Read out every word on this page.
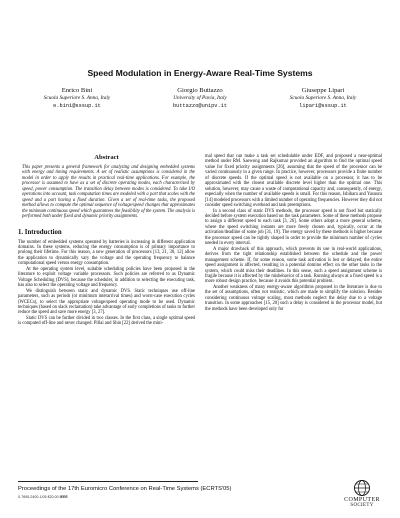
Speed Modulation in Energy-Aware Real-Time Systems
Enrico Bini
Scuola Superiore S. Anna, Italy
e.bini@sssup.it
Giorgio Buttazzo
University of Pavia, Italy
buttazzo@unipv.it
Giuseppe Lipari
Scuola Superiore S. Anna, Italy
lipari@sssup.it
Abstract

This paper presents a general framework for analyzing and designing embedded systems with energy and timing requirements. A set of realistic assumptions is considered in the model in order to apply the results in practical real-time applications. For example, the processor is assumed to have as a set of discrete operating modes, each characterized by speed, power consumption. The transition delay between modes is considered. To take I/O operations into account, task computation times are modeled with a part that scales with the speed and a part having a fixed duration. Given a set of real-time tasks, the proposed method allows to compute the optimal sequence of voltage/speed changes that approximates the minimum continuous speed which guarantees the feasibility of the system. The analysis is performed both under fixed and dynamic priority assignments.

1. Introduction

The number of embedded systems operated by batteries is increasing in different application domains. In these systems, reducing the energy consumption is of primary importance to prolong their lifetime. For this reason, a new generation of processors [13, 21, 30, 12] allow the application to dynamically vary the voltage and the operating frequency to balance computational speed versus energy consumption.

At the operating system level, suitable scheduling policies have been proposed in the literature to exploit voltage variable processors. Such policies are referred to as Dynamic Voltage Scheduling (DVS), because the scheduler, in addition to selecting the executing task, has also to select the operating voltage and frequency.

We distinguish between static and dynamic DVS. Static techniques use off-line parameters, such as periods (or minimum interarrival times) and worst-case execution cycles (WCECs), to select the appropriate voltage/speed operating mode to be used. Dynamic techniques (based on slack reclamation) take advantage of early completions of tasks to further reduce the speed and save more energy [3, 27].

Static DVS can be further divided in two classes. In the first class, a single optimal speed is computed off-line and never changed. Pillai and Shin [22] derived the mini-

mal speed that can make a task set schedulable under EDF, and proposed a near-optimal method under RM. Saewong and Rajkumar provided an algorithm to find the optimal speed value for fixed priority assignments [26], assuming that the speed of the processor can be varied continuously in a given range. In practice, however, processors provide a finite number of discrete speeds. If the optimal speed is not available on a processor, it has to be approximated with the closest available discrete level higher than the optimal one. This solution, however, may cause a waste of computational capacity and, consequently, of energy, especially when the number of available speeds is small. For this reason, Ishihara and Yasuura [14] modeled processors with a limited number of operating frequencies. However they did not consider speed switching overhead and task preemptions.

In a second class of static DVS methods, the processor speed is not fixed but statically decided before system execution based on the task parameters. Some of these methods propose to assign a different speed to each task [3, 26]. Some others adopt a more general scheme, where the speed switching instants are more freely chosen and, typically, occur at the activation/deadline of some job [31, 19]. The energy saved by these methods is higher because the processor speed can be tightly shaped in order to provide the minimum number of cycles needed in every interval.

A major drawback of this approach, which prevents its use in real-world applications, derives from the tight relationship established between the schedule and the power management scheme. If, for some reason, some task activation is lost or delayed, the entire speed assignment is affected, resulting in a potential domino effect on the other tasks in the system, which could miss their deadlines. In this sense, such a speed assignment scheme is fragile because it is affected by the misbehavior of a task. Running always at a fixed speed is a more robust design practice, because it avoids this potential problem.

Another weakness of many energy-aware algorithms proposed in the literature is due to the set of assumptions, often not realistic, which are made to simplify the solution. Besides considering continuous voltage scaling, most methods neglect the delay due to a voltage transition. In some approaches [15, 20] such a delay is considered in the processor model, but the methods have been developed only for

Proceedings of the 17th Euromicro Conference on Real-Time Systems (ECRTS'05)
0-7695-2400-1/05 $20.00 IEEE	COMPUTER
SOCIETY
